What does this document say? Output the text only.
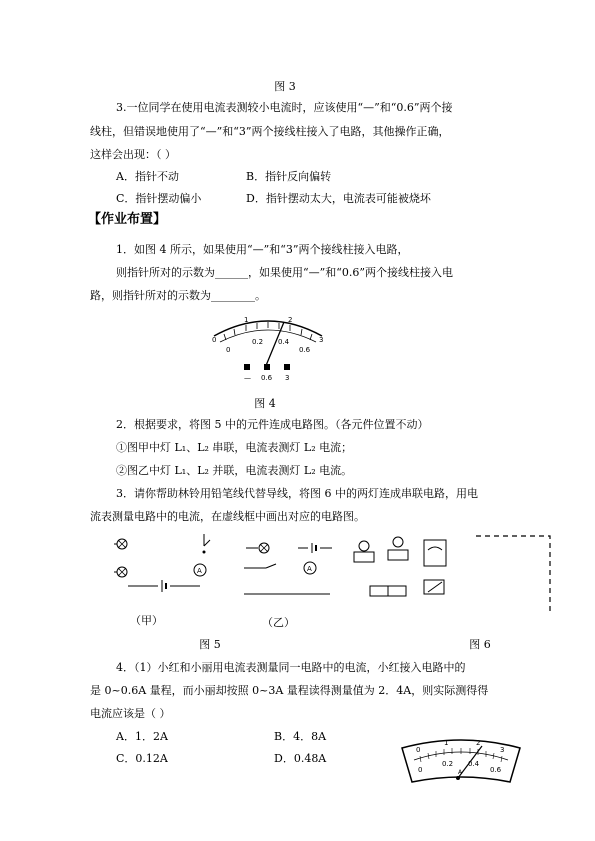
图 3
3.一位同学在使用电流表测较小电流时，应该使用“—”和“0.6”两个接
线柱，但错误地使用了“—”和“3”两个接线柱接入了电路，其他操作正确，
这样会出现：（ ）
A．指针不动	B．指针反向偏转
C．指针摆动偏小	D．指针摆动太大，电流表可能被烧坏
【作业布置】
1．如图 4 所示，如果使用“—”和“3”两个接线柱接入电路，
则指针所对的示数为______，如果使用“—”和“0.6”两个接线柱接入电
路，则指针所对的示数为________。
0
1	2
3
0
0.2 0.4
0.6
— 0.6 3
图 4
2．根据要求，将图 5 中的元件连成电路图。（各元件位置不动）
①图甲中灯 L₁、L₂ 串联，电流表测灯 L₂ 电流；
②图乙中灯 L₁、L₂ 并联，电流表测灯 L₂ 电流。
3．请你帮助林铃用铅笔线代替导线，将图 6 中的两灯连成串联电路，用电
流表测量电路中的电流，在虚线框中画出对应的电路图。
A	A
（甲）	（乙）
图 5	图 6
4．（1）小红和小丽用电流表测量同一电路中的电流，小红接入电路中的
是 0~0.6A 量程，而小丽却按照 0~3A 量程读得测量值为 2．4A，则实际测得得
电流应该是（ ）
A．1．2A	B．4．8A
C．0.12A	D．0.48A
0
1	2
3
0
0.2 0.4
0.6
A
